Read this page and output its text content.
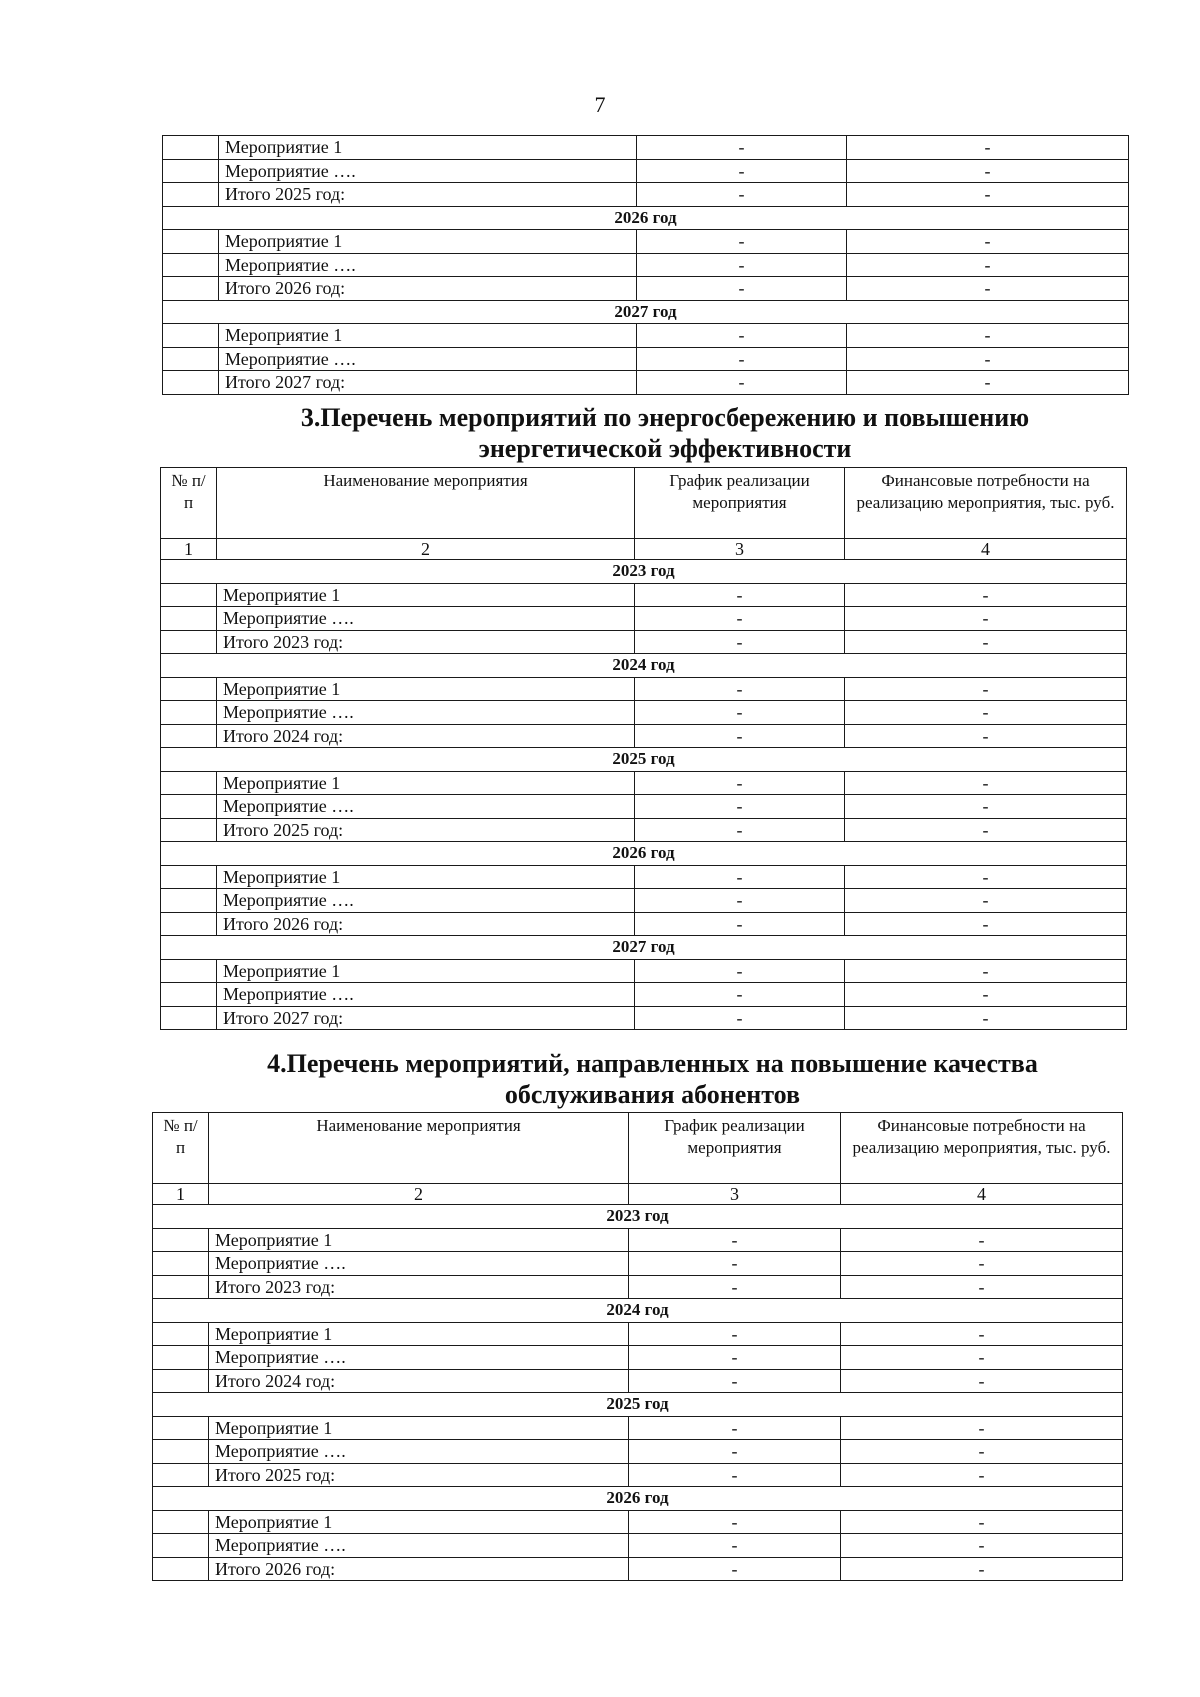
7
	Мероприятие 1	-	-
	Мероприятие ….	-	-
	Итого 2025 год:	-	-
2026 год			
	Мероприятие 1	-	-
	Мероприятие ….	-	-
	Итого 2026 год:	-	-
2027 год			
	Мероприятие 1	-	-
	Мероприятие ….	-	-
	Итого 2027 год:	-	-
3.Перечень мероприятий по энергосбережению и повышению
энергетической эффективности
№ п/п	Наименование мероприятия	График реализации мероприятия	Финансовые потребности на реализацию мероприятия, тыс. руб.
1	2	3	4
2023 год			
	Мероприятие 1	-	-
	Мероприятие ….	-	-
	Итого 2023 год:	-	-
2024 год			
	Мероприятие 1	-	-
	Мероприятие ….	-	-
	Итого 2024 год:	-	-
2025 год			
	Мероприятие 1	-	-
	Мероприятие ….	-	-
	Итого 2025 год:	-	-
2026 год			
	Мероприятие 1	-	-
	Мероприятие ….	-	-
	Итого 2026 год:	-	-
2027 год			
	Мероприятие 1	-	-
	Мероприятие ….	-	-
	Итого 2027 год:	-	-
4.Перечень мероприятий, направленных на повышение качества
обслуживания абонентов
№ п/п	Наименование мероприятия	График реализации мероприятия	Финансовые потребности на реализацию мероприятия, тыс. руб.
1	2	3	4
2023 год			
	Мероприятие 1	-	-
	Мероприятие ….	-	-
	Итого 2023 год:	-	-
2024 год			
	Мероприятие 1	-	-
	Мероприятие ….	-	-
	Итого 2024 год:	-	-
2025 год			
	Мероприятие 1	-	-
	Мероприятие ….	-	-
	Итого 2025 год:	-	-
2026 год			
	Мероприятие 1	-	-
	Мероприятие ….	-	-
	Итого 2026 год:	-	-
